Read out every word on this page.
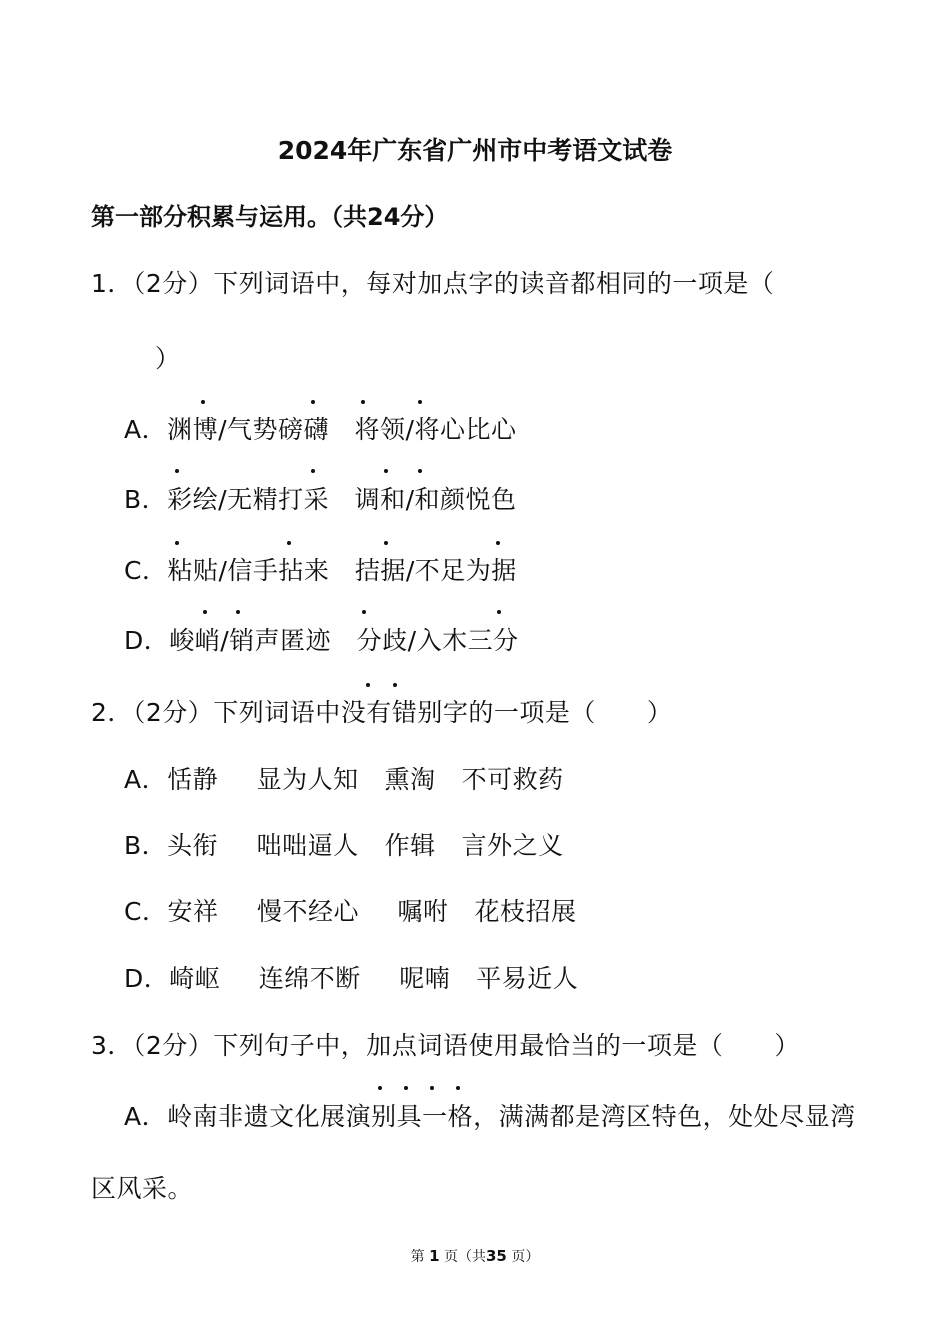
2024年广东省广州市中考语文试卷
第一部分积累与运用。（共24分）
1．（2分）下列词语中，每对加点字的读音都相同的一项是（
）
A．渊博/气势磅礴　将领/将心比心
B．彩绘/无精打采　调和/和颜悦色
C．粘贴/信手拈来　拮据/不足为据
D．峻峭/销声匿迹　分歧/入木三分
2．（2分）下列词语中没有错别字的一项是（　　）
A．恬静　 显为人知  熏淘  不可救药
B．头衔　 咄咄逼人  作辑  言外之义
C．安祥　 慢不经心　 嘱咐  花枝招展
D．崎岖　 连绵不断　 呢喃  平易近人
3．（2分）下列句子中，加点词语使用最恰当的一项是（　　）
A．岭南非遗文化展演别具一格，满满都是湾区特色，处处尽显湾
区风采。
第 1 页（共35 页）
